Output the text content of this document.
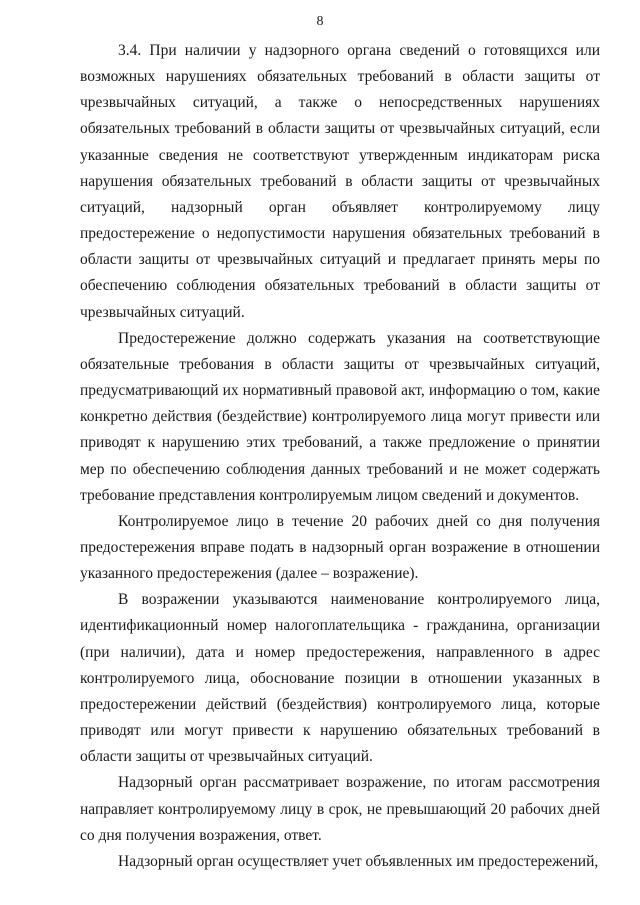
8

3.4. При наличии у надзорного органа сведений о готовящихся или возможных нарушениях обязательных требований в области защиты от чрезвычайных ситуаций, а также о непосредственных нарушениях обязательных требований в области защиты от чрезвычайных ситуаций, если указанные сведения не соответствуют утвержденным индикаторам риска нарушения обязательных требований в области защиты от чрезвычайных ситуаций, надзорный орган объявляет контролируемому лицу предостережение о недопустимости нарушения обязательных требований в области защиты от чрезвычайных ситуаций и предлагает принять меры по обеспечению соблюдения обязательных требований в области защиты от чрезвычайных ситуаций.

Предостережение должно содержать указания на соответствующие обязательные требования в области защиты от чрезвычайных ситуаций, предусматривающий их нормативный правовой акт, информацию о том, какие конкретно действия (бездействие) контролируемого лица могут привести или приводят к нарушению этих требований, а также предложение о принятии мер по обеспечению соблюдения данных требований и не может содержать требование представления контролируемым лицом сведений и документов.

Контролируемое лицо в течение 20 рабочих дней со дня получения предостережения вправе подать в надзорный орган возражение в отношении указанного предостережения (далее – возражение).

В возражении указываются наименование контролируемого лица, идентификационный номер налогоплательщика - гражданина, организации (при наличии), дата и номер предостережения, направленного в адрес контролируемого лица, обоснование позиции в отношении указанных в предостережении действий (бездействия) контролируемого лица, которые приводят или могут привести к нарушению обязательных требований в области защиты от чрезвычайных ситуаций.

Надзорный орган рассматривает возражение, по итогам рассмотрения направляет контролируемому лицу в срок, не превышающий 20 рабочих дней со дня получения возражения, ответ.

Надзорный орган осуществляет учет объявленных им предостережений,
